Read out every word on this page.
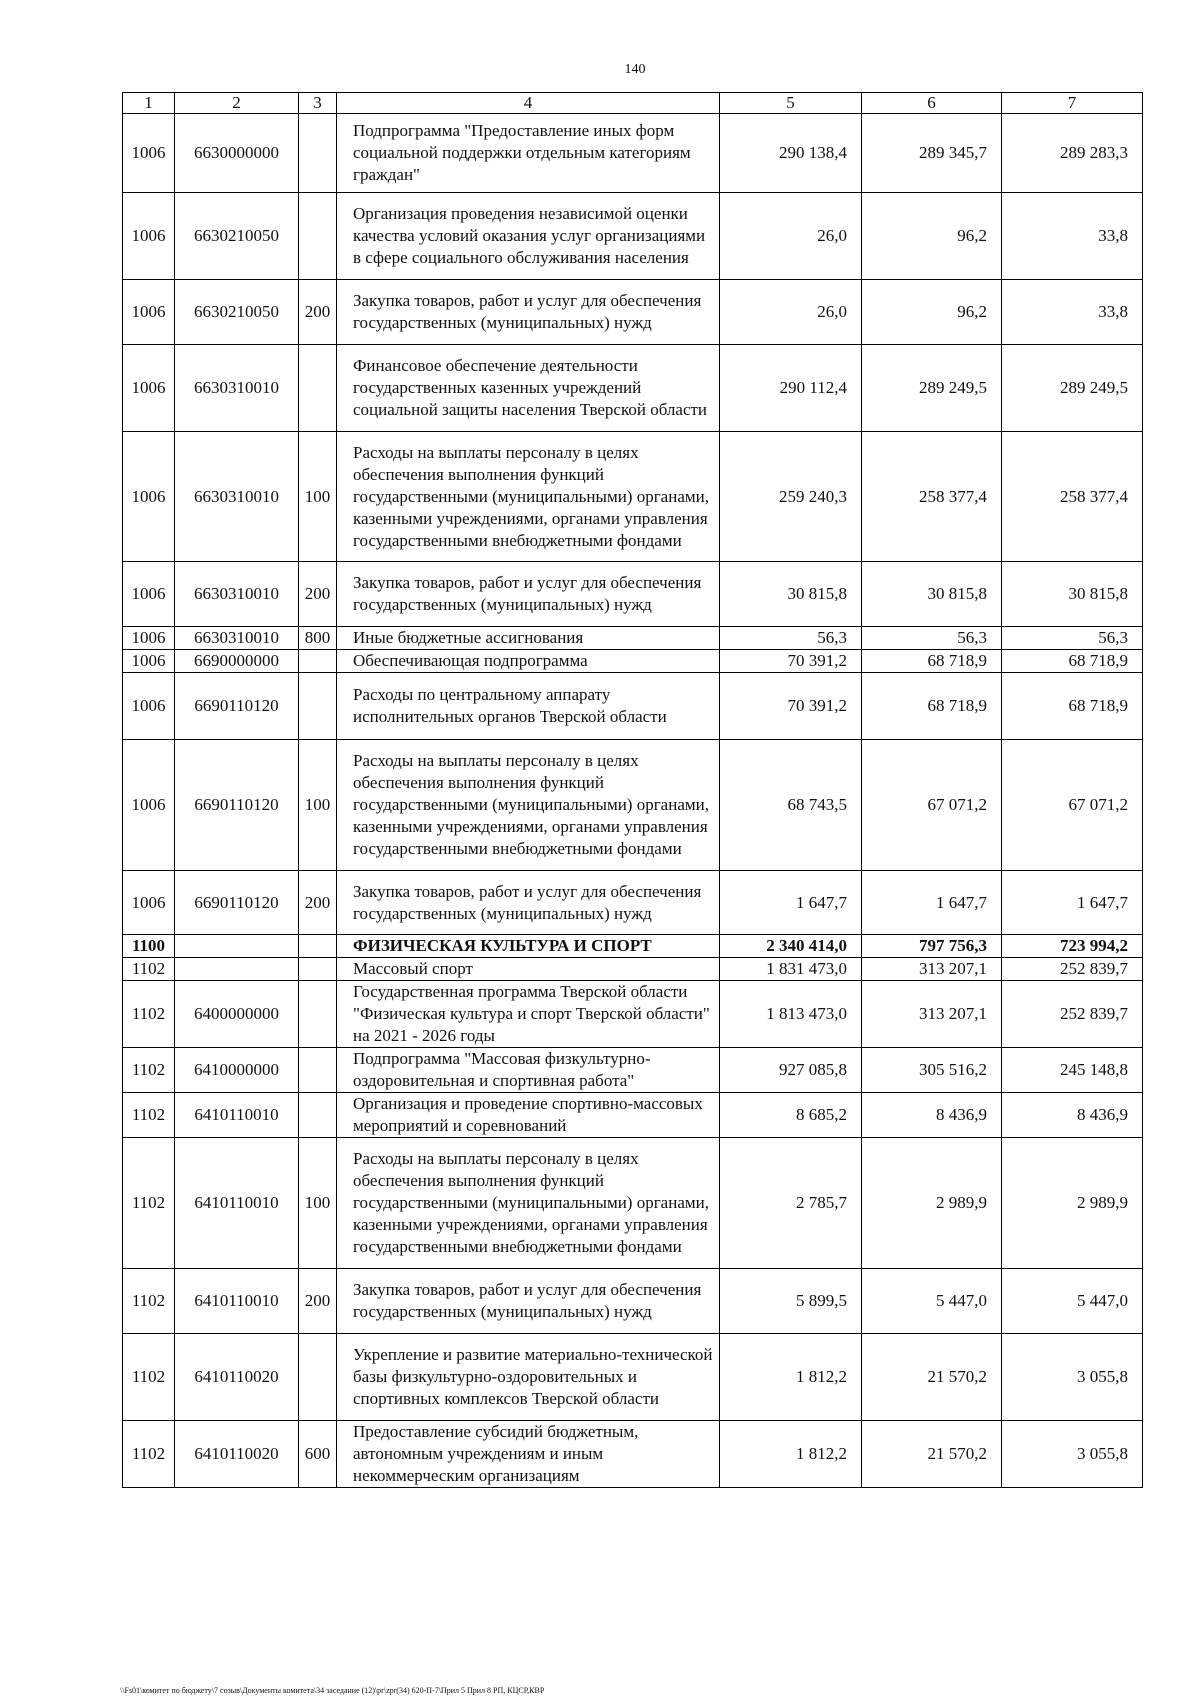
140
1	2	3	4	5	6	7
1006	6630000000		Подпрограмма "Предоставление иных форм социальной поддержки отдельным категориям граждан"	290 138,4	289 345,7	289 283,3
1006	6630210050		Организация проведения независимой оценки качества условий оказания услуг организациями в сфере социального обслуживания населения	26,0	96,2	33,8
1006	6630210050	200	Закупка товаров, работ и услуг для обеспечения государственных (муниципальных) нужд	26,0	96,2	33,8
1006	6630310010		Финансовое обеспечение деятельности государственных казенных учреждений социальной защиты населения Тверской области	290 112,4	289 249,5	289 249,5
1006	6630310010	100	Расходы на выплаты персоналу в целях обеспечения выполнения функций государственными (муниципальными) органами, казенными учреждениями, органами управления государственными внебюджетными фондами	259 240,3	258 377,4	258 377,4
1006	6630310010	200	Закупка товаров, работ и услуг для обеспечения государственных (муниципальных) нужд	30 815,8	30 815,8	30 815,8
1006	6630310010	800	Иные бюджетные ассигнования	56,3	56,3	56,3
1006	6690000000		Обеспечивающая подпрограмма	70 391,2	68 718,9	68 718,9
1006	6690110120		Расходы по центральному аппарату исполнительных органов Тверской области	70 391,2	68 718,9	68 718,9
1006	6690110120	100	Расходы на выплаты персоналу в целях обеспечения выполнения функций государственными (муниципальными) органами, казенными учреждениями, органами управления государственными внебюджетными фондами	68 743,5	67 071,2	67 071,2
1006	6690110120	200	Закупка товаров, работ и услуг для обеспечения государственных (муниципальных) нужд	1 647,7	1 647,7	1 647,7
1100			ФИЗИЧЕСКАЯ КУЛЬТУРА И СПОРТ	2 340 414,0	797 756,3	723 994,2
1102			Массовый спорт	1 831 473,0	313 207,1	252 839,7
1102	6400000000		Государственная программа Тверской области "Физическая культура и спорт Тверской области" на 2021 - 2026 годы	1 813 473,0	313 207,1	252 839,7
1102	6410000000		Подпрограмма "Массовая физкультурно-оздоровительная и спортивная работа"	927 085,8	305 516,2	245 148,8
1102	6410110010		Организация и проведение спортивно-массовых мероприятий и соревнований	8 685,2	8 436,9	8 436,9
1102	6410110010	100	Расходы на выплаты персоналу в целях обеспечения выполнения функций государственными (муниципальными) органами, казенными учреждениями, органами управления государственными внебюджетными фондами	2 785,7	2 989,9	2 989,9
1102	6410110010	200	Закупка товаров, работ и услуг для обеспечения государственных (муниципальных) нужд	5 899,5	5 447,0	5 447,0
1102	6410110020		Укрепление и развитие материально-технической базы физкультурно-оздоровительных и спортивных комплексов Тверской области	1 812,2	21 570,2	3 055,8
1102	6410110020	600	Предоставление субсидий бюджетным, автономным учреждениям и иным некоммерческим организациям	1 812,2	21 570,2	3 055,8
\\Fs01\комитет по бюджету\7 созыв\Документы комитета\34 заседание (12)\pr\zpr(34) 620-П-7\Прил 5 Прил 8 РП, КЦСР,КВР
